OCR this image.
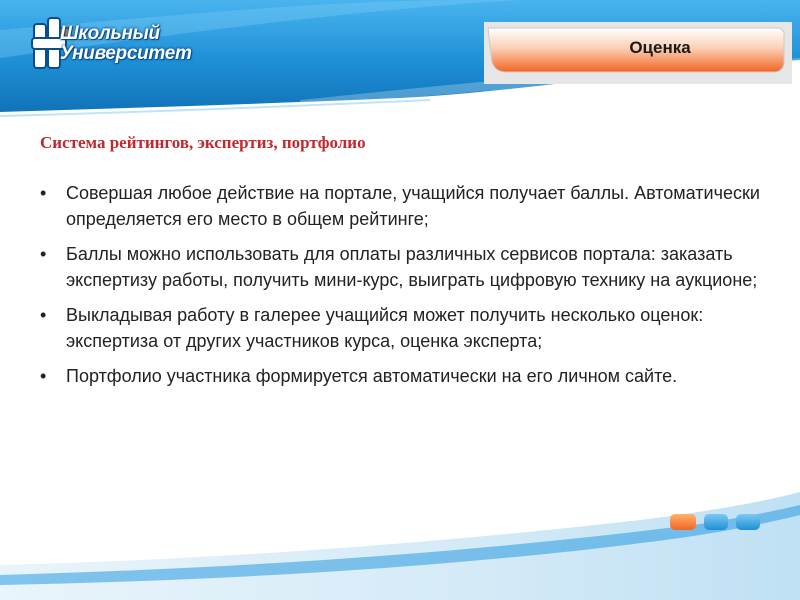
Школьный
Университет	Оценка
Система рейтингов, экспертиз, портфолио
•	Совершая любое действие на портале, учащийся получает баллы. Автоматически определяется его место в общем рейтинге;
•	Баллы можно использовать для оплаты различных сервисов портала: заказать экспертизу работы, получить мини-курс, выиграть цифровую технику на аукционе;
•	Выкладывая работу в галерее учащийся может получить несколько оценок: экспертиза от других участников курса, оценка эксперта;
•	Портфолио участника формируется автоматически на его личном сайте.
